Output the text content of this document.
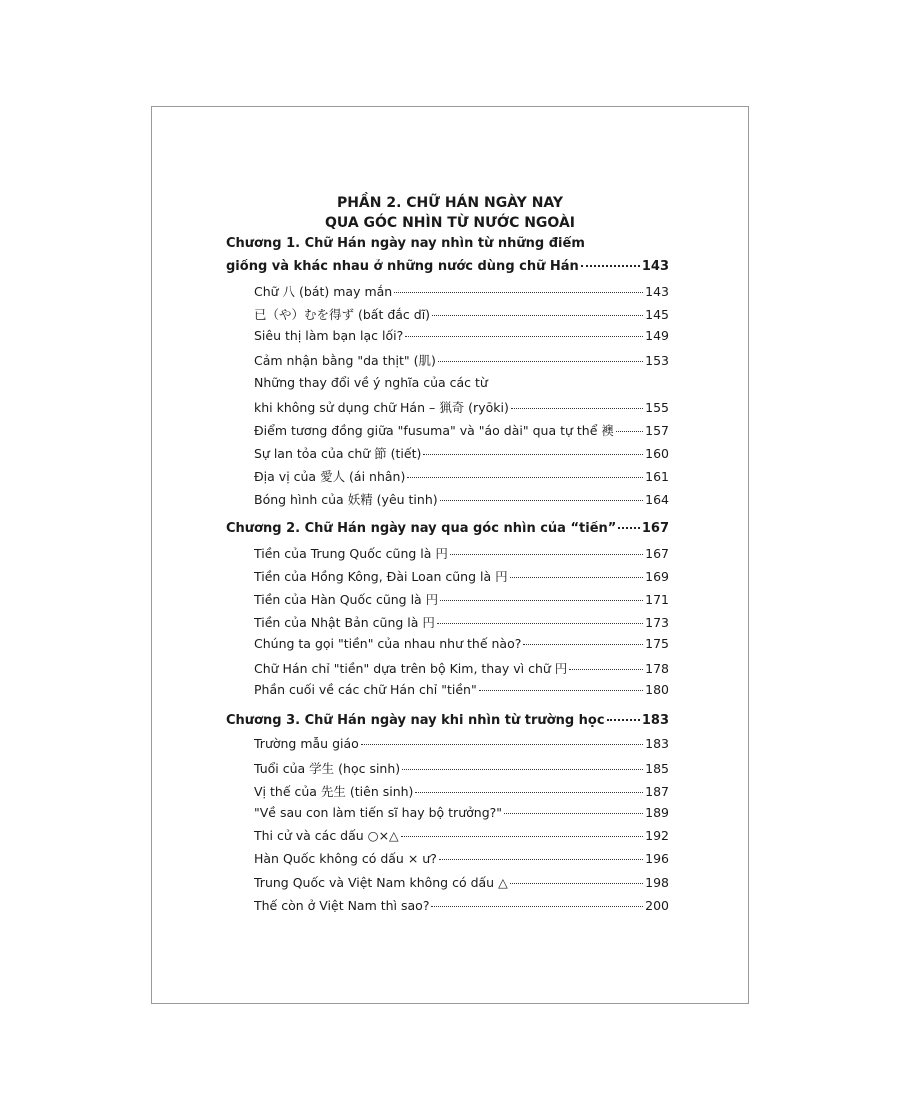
PHẦN 2. CHỮ HÁN NGÀY NAY
QUA GÓC NHÌN TỪ NƯỚC NGOÀI
Chương 1. Chữ Hán ngày nay nhìn từ những điểm
giống và khác nhau ở những nước dùng chữ Hán	143
Chữ 八 (bát) may mắn	143
已（や）むを得ず (bất đắc dĩ)	145
Siêu thị làm bạn lạc lối?	149
Cảm nhận bằng "da thịt" (肌)	153
Những thay đổi về ý nghĩa của các từ
khi không sử dụng chữ Hán – 猟奇 (ryōki)	155
Điểm tương đồng giữa "fusuma" và "áo dài" qua tự thể 襖	157
Sự lan tỏa của chữ 節 (tiết)	160
Địa vị của 愛人 (ái nhân)	161
Bóng hình của 妖精 (yêu tinh)	164
Chương 2. Chữ Hán ngày nay qua góc nhìn của “tiền” 167
Tiền của Trung Quốc cũng là 円	167
Tiền của Hồng Kông, Đài Loan cũng là 円	169
Tiền của Hàn Quốc cũng là 円	171
Tiền của Nhật Bản cũng là 円	173
Chúng ta gọi "tiền" của nhau như thế nào?	175
Chữ Hán chỉ "tiền" dựa trên bộ Kim, thay vì chữ 円	178
Phần cuối về các chữ Hán chỉ "tiền"	180
Chương 3. Chữ Hán ngày nay khi nhìn từ trường học	183
Trường mẫu giáo	183
Tuổi của 学生 (học sinh)	185
Vị thế của 先生 (tiên sinh)	187
"Về sau con làm tiến sĩ hay bộ trưởng?"	189
Thi cử và các dấu ○×△	192
Hàn Quốc không có dấu × ư?	196
Trung Quốc và Việt Nam không có dấu △	198
Thế còn ở Việt Nam thì sao?	200
